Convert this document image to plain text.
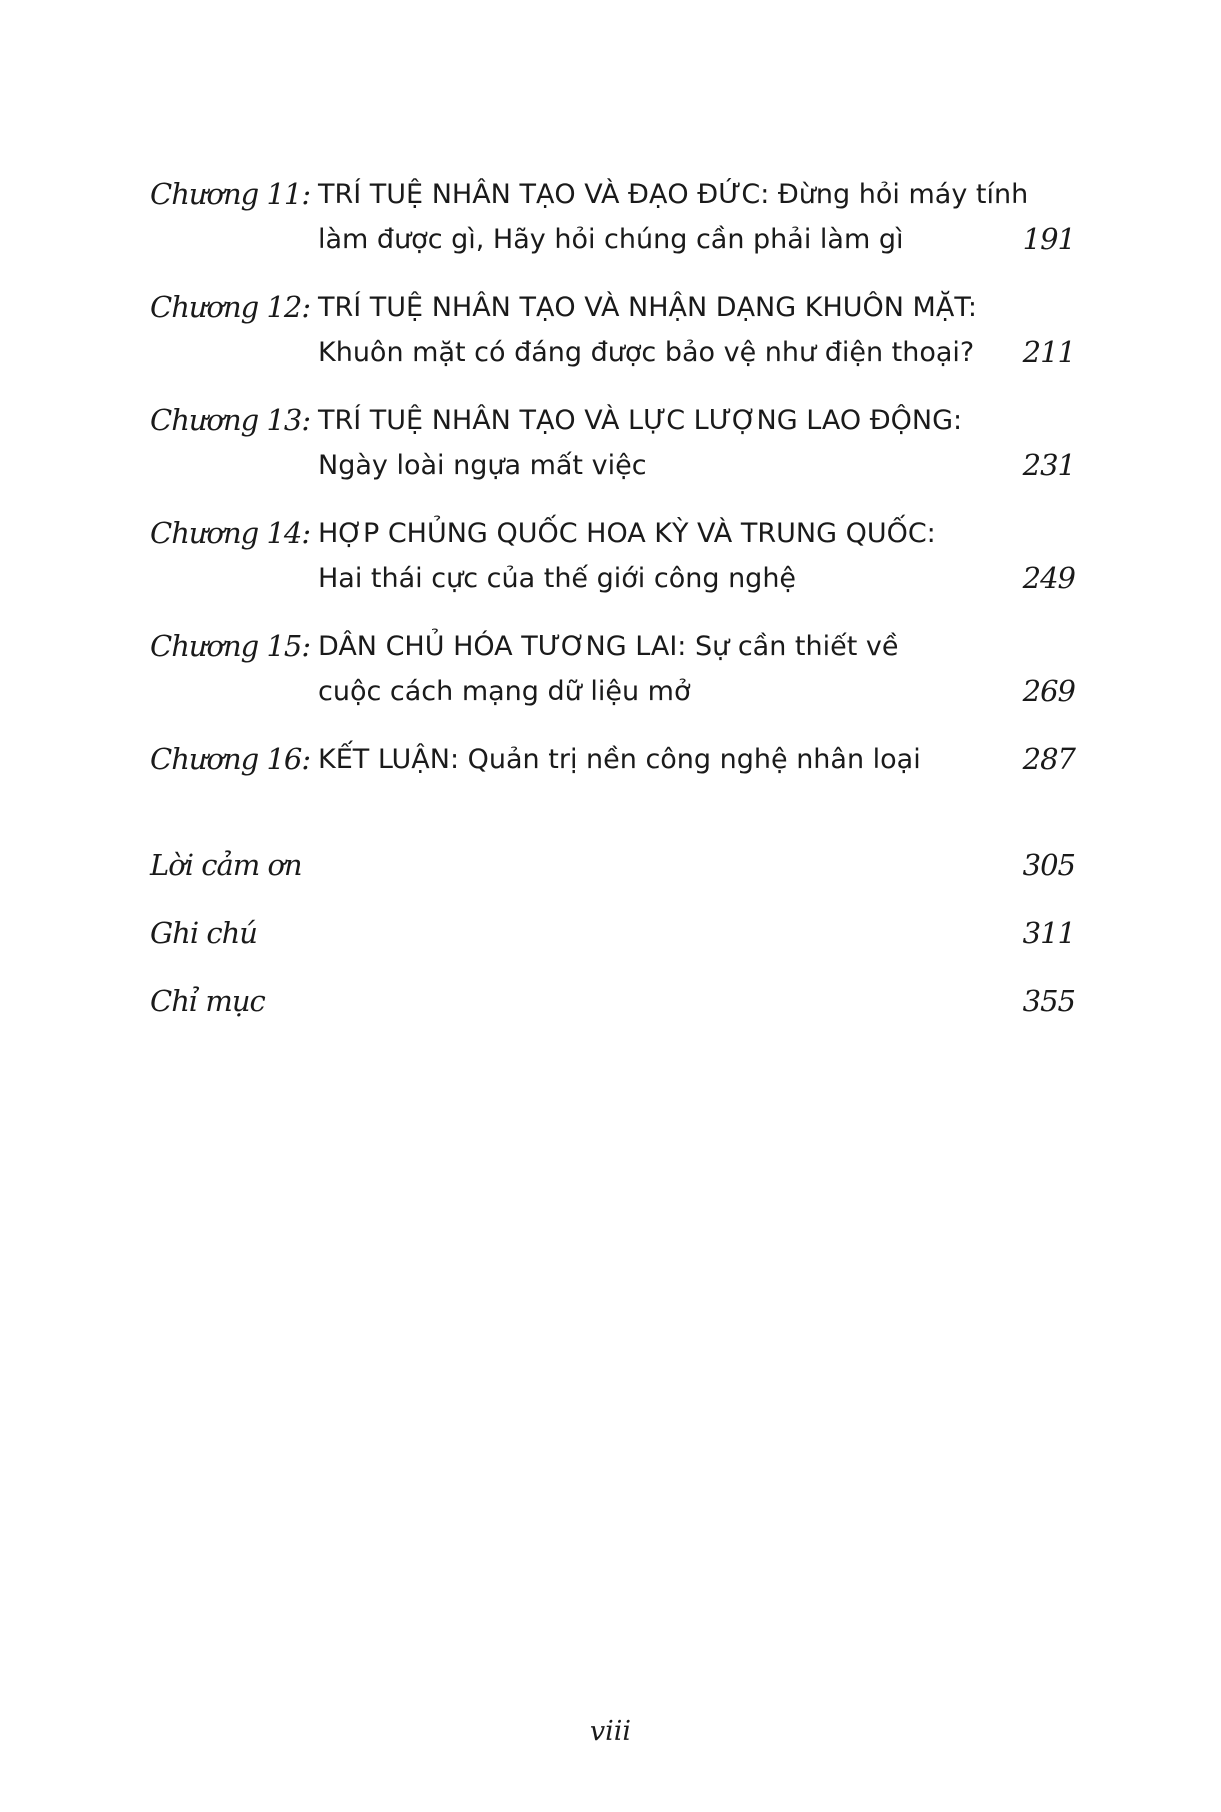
Chương 11: TRÍ TUỆ NHÂN TẠO VÀ ĐẠO ĐỨC: Đừng hỏi máy tính
làm được gì, Hãy hỏi chúng cần phải làm gì	191
Chương 12: TRÍ TUỆ NHÂN TẠO VÀ NHẬN DẠNG KHUÔN MẶT:
Khuôn mặt có đáng được bảo vệ như điện thoại?	211
Chương 13: TRÍ TUỆ NHÂN TẠO VÀ LỰC LƯỢNG LAO ĐỘNG:
Ngày loài ngựa mất việc	231
Chương 14: HỢP CHỦNG QUỐC HOA KỲ VÀ TRUNG QUỐC:
Hai thái cực của thế giới công nghệ	249
Chương 15: DÂN CHỦ HÓA TƯƠNG LAI: Sự cần thiết về
cuộc cách mạng dữ liệu mở	269
Chương 16: KẾT LUẬN: Quản trị nền công nghệ nhân loại	287
Lời cảm ơn	305
Ghi chú	311
Chỉ mục	355
viii
